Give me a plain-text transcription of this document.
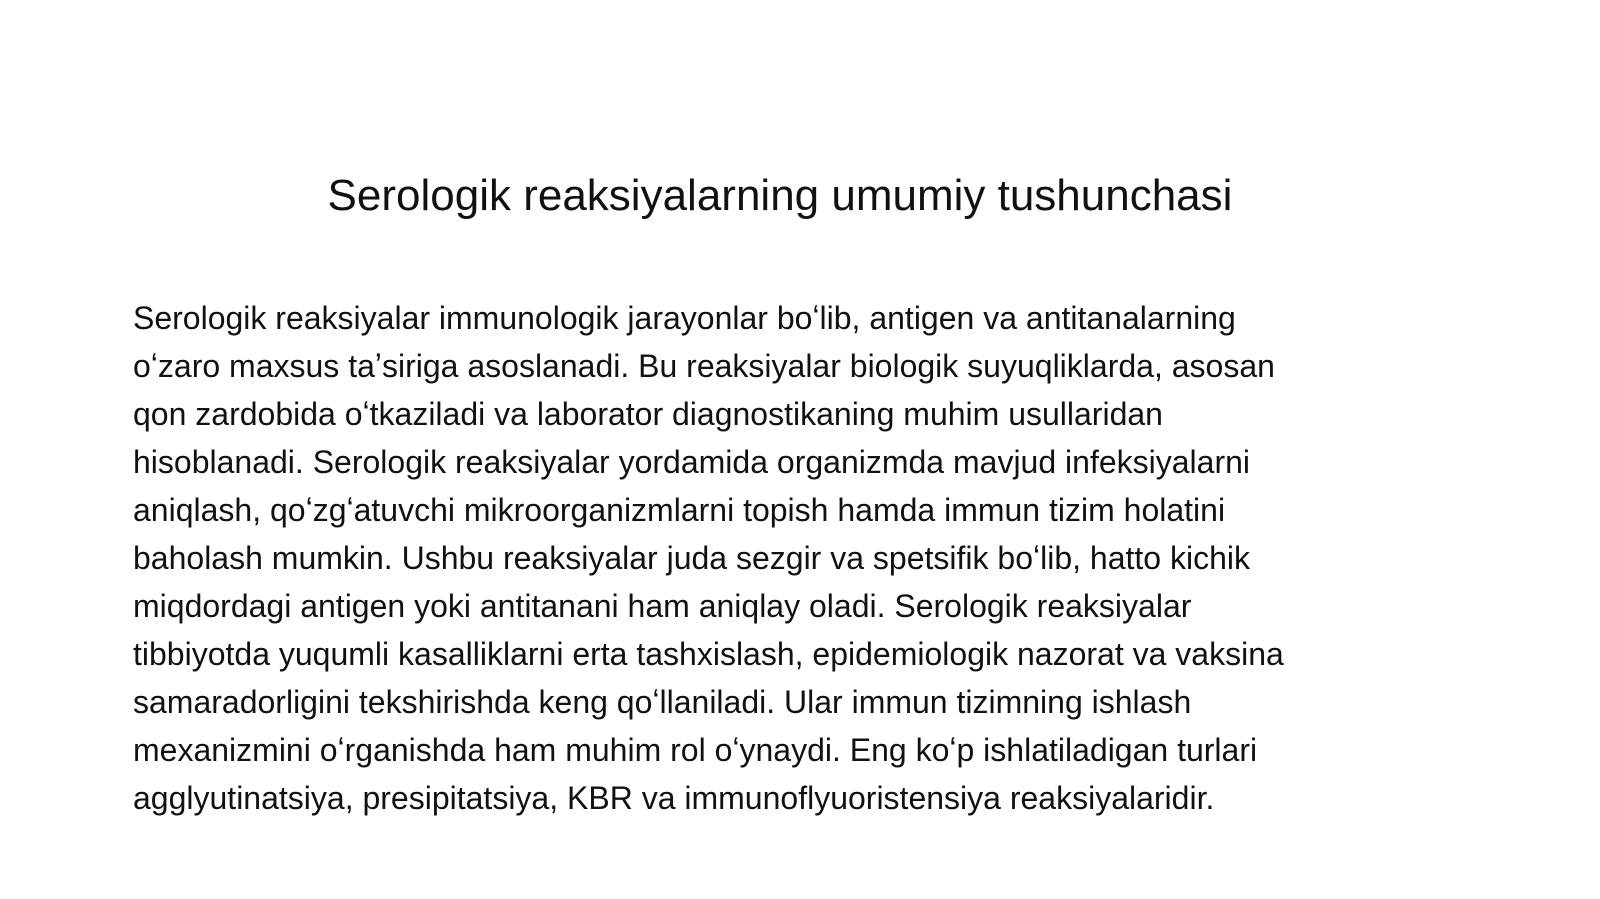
Serologik reaksiyalarning umumiy tushunchasi
Serologik reaksiyalar immunologik jarayonlar boʻlib, antigen va antitanalarning
oʻzaro maxsus taʼsiriga asoslanadi. Bu reaksiyalar biologik suyuqliklarda, asosan
qon zardobida oʻtkaziladi va laborator diagnostikaning muhim usullaridan
hisoblanadi. Serologik reaksiyalar yordamida organizmda mavjud infeksiyalarni
aniqlash, qoʻzgʻatuvchi mikroorganizmlarni topish hamda immun tizim holatini
baholash mumkin. Ushbu reaksiyalar juda sezgir va spetsifik boʻlib, hatto kichik
miqdordagi antigen yoki antitanani ham aniqlay oladi. Serologik reaksiyalar
tibbiyotda yuqumli kasalliklarni erta tashxislash, epidemiologik nazorat va vaksina
samaradorligini tekshirishda keng qoʻllaniladi. Ular immun tizimning ishlash
mexanizmini oʻrganishda ham muhim rol oʻynaydi. Eng koʻp ishlatiladigan turlari
agglyutinatsiya, presipitatsiya, KBR va immunoflyuoristensiya reaksiyalaridir.
